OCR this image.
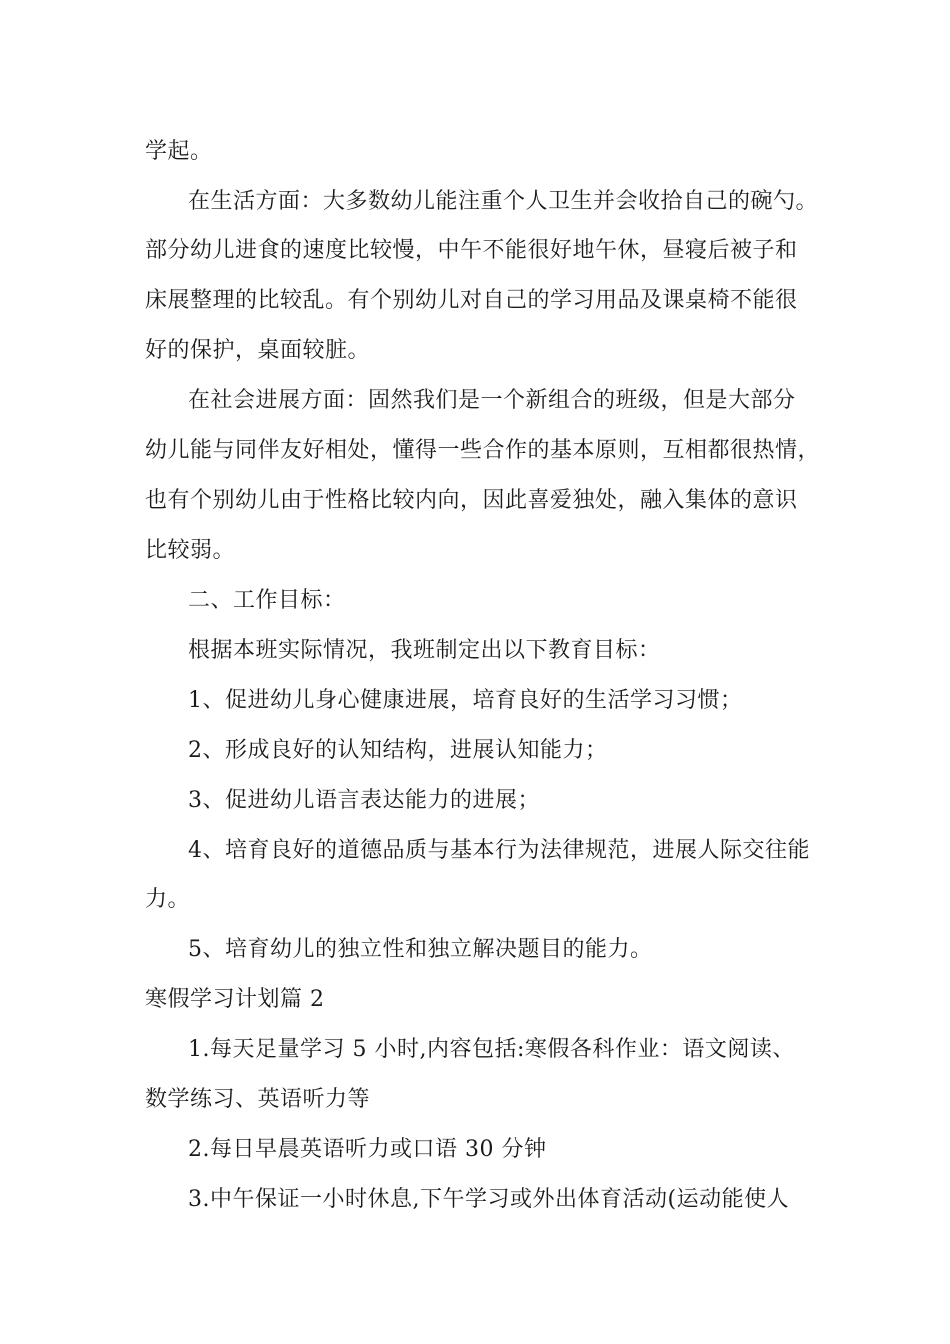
学起。
在生活方面：大多数幼儿能注重个人卫生并会收拾自己的碗勺。
部分幼儿进食的速度比较慢，中午不能很好地午休，昼寝后被子和
床展整理的比较乱。有个别幼儿对自己的学习用品及课桌椅不能很
好的保护，桌面较脏。
在社会进展方面：固然我们是一个新组合的班级，但是大部分
幼儿能与同伴友好相处，懂得一些合作的基本原则，互相都很热情，
也有个别幼儿由于性格比较内向，因此喜爱独处，融入集体的意识
比较弱。
二、工作目标：
根据本班实际情况，我班制定出以下教育目标：
1、促进幼儿身心健康进展，培育良好的生活学习习惯；
2、形成良好的认知结构，进展认知能力；
3、促进幼儿语言表达能力的进展；
4、培育良好的道德品质与基本行为法律规范，进展人际交往能
力。
5、培育幼儿的独立性和独立解决题目的能力。
寒假学习计划篇 2
1.每天足量学习 5 小时,内容包括:寒假各科作业：语文阅读、
数学练习、英语听力等
2.每日早晨英语听力或口语 30 分钟
3.中午保证一小时休息,下午学习或外出体育活动(运动能使人
